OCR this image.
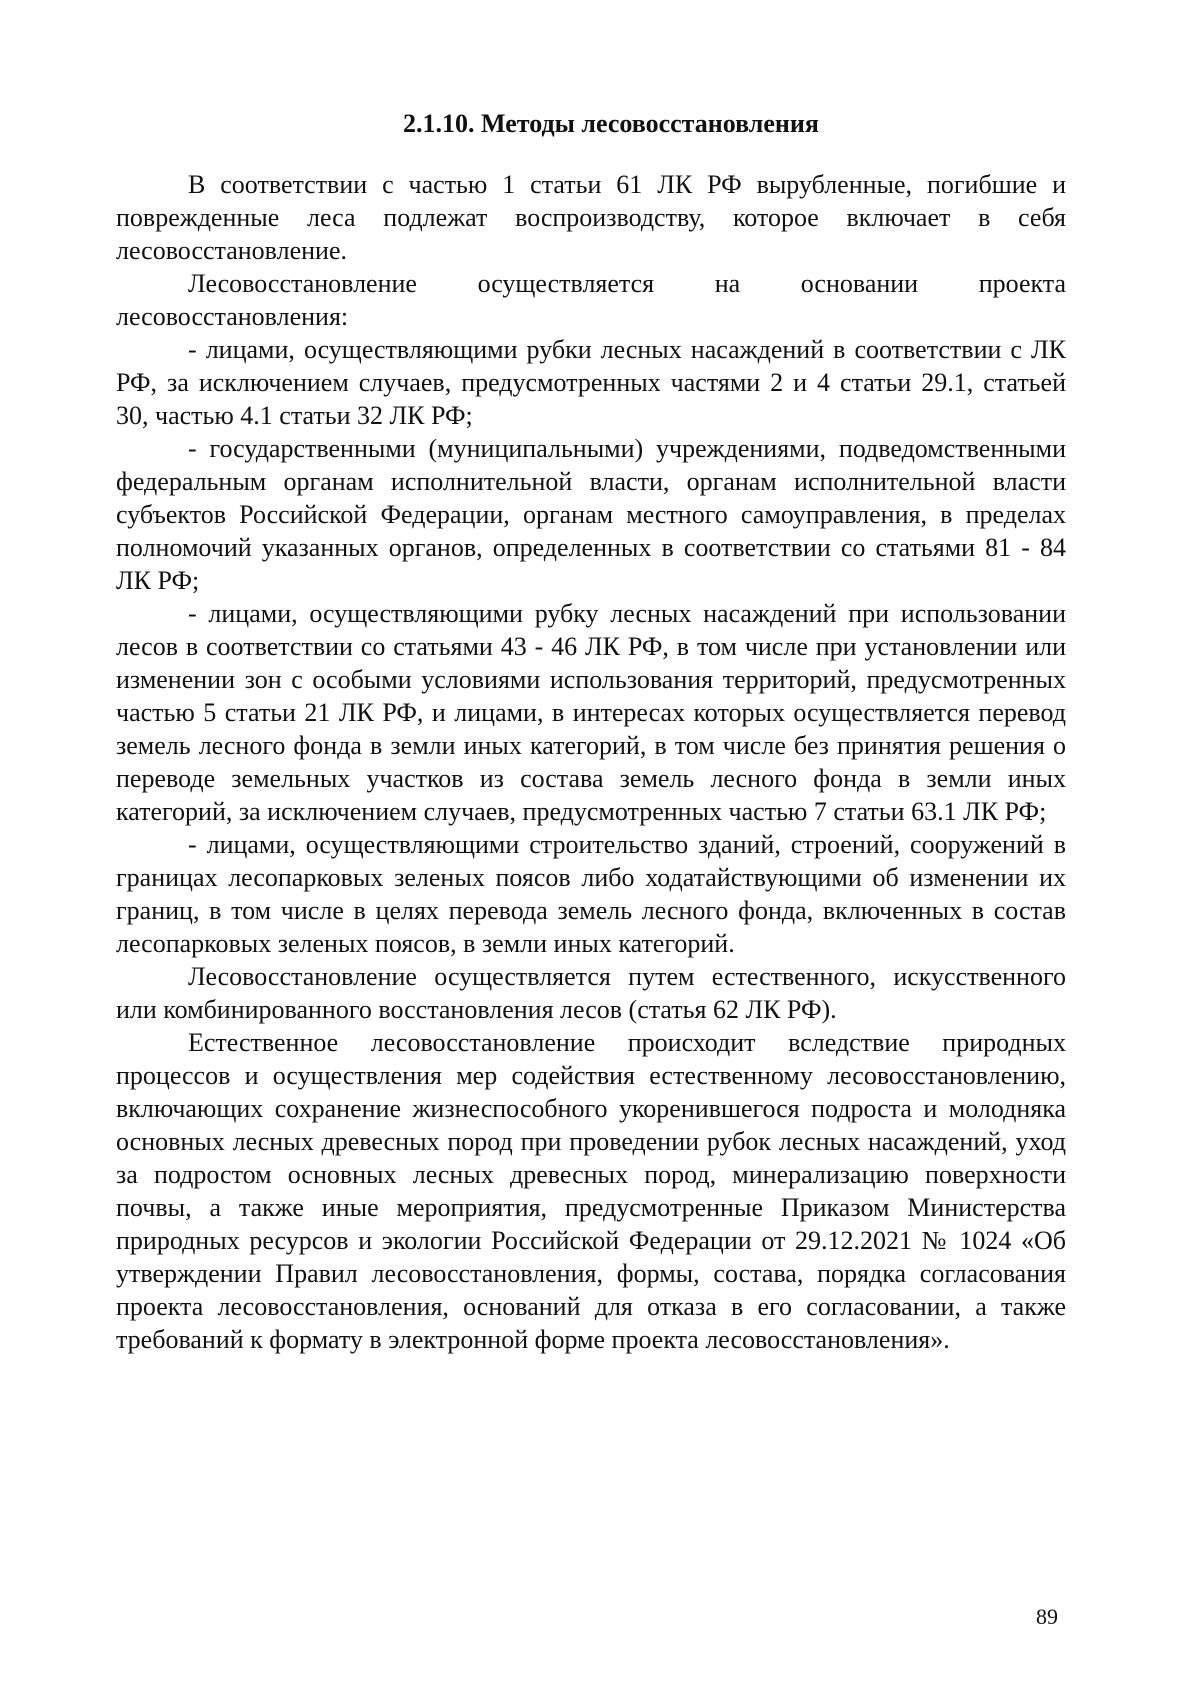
2.1.10. Методы лесовосстановления

В соответствии с частью 1 статьи 61 ЛК РФ вырубленные, погибшие и поврежденные леса подлежат воспроизводству, которое включает в себя лесовосстановление.

Лесовосстановление осуществляется на основании проекта лесовосстановления:

- лицами, осуществляющими рубки лесных насаждений в соответствии с ЛК РФ, за исключением случаев, предусмотренных частями 2 и 4 статьи 29.1, статьей 30, частью 4.1 статьи 32 ЛК РФ;

- государственными (муниципальными) учреждениями, подведомственными федеральным органам исполнительной власти, органам исполнительной власти субъектов Российской Федерации, органам местного самоуправления, в пределах полномочий указанных органов, определенных в соответствии со статьями 81 - 84 ЛК РФ;

- лицами, осуществляющими рубку лесных насаждений при использовании лесов в соответствии со статьями 43 - 46 ЛК РФ, в том числе при установлении или изменении зон с особыми условиями использования территорий, предусмотренных частью 5 статьи 21 ЛК РФ, и лицами, в интересах которых осуществляется перевод земель лесного фонда в земли иных категорий, в том числе без принятия решения о переводе земельных участков из состава земель лесного фонда в земли иных категорий, за исключением случаев, предусмотренных частью 7 статьи 63.1 ЛК РФ;

- лицами, осуществляющими строительство зданий, строений, сооружений в границах лесопарковых зеленых поясов либо ходатайствующими об изменении их границ, в том числе в целях перевода земель лесного фонда, включенных в состав лесопарковых зеленых поясов, в земли иных категорий.

Лесовосстановление осуществляется путем естественного, искусственного или комбинированного восстановления лесов (статья 62 ЛК РФ).

Естественное лесовосстановление происходит вследствие природных процессов и осуществления мер содействия естественному лесовосстановлению, включающих сохранение жизнеспособного укоренившегося подроста и молодняка основных лесных древесных пород при проведении рубок лесных насаждений, уход за подростом основных лесных древесных пород, минерализацию поверхности почвы, а также иные мероприятия, предусмотренные Приказом Министерства природных ресурсов и экологии Российской Федерации от 29.12.2021 № 1024 «Об утверждении Правил лесовосстановления, формы, состава, порядка согласования проекта лесовосстановления, оснований для отказа в его согласовании, а также требований к формату в электронной форме проекта лесовосстановления».

89
